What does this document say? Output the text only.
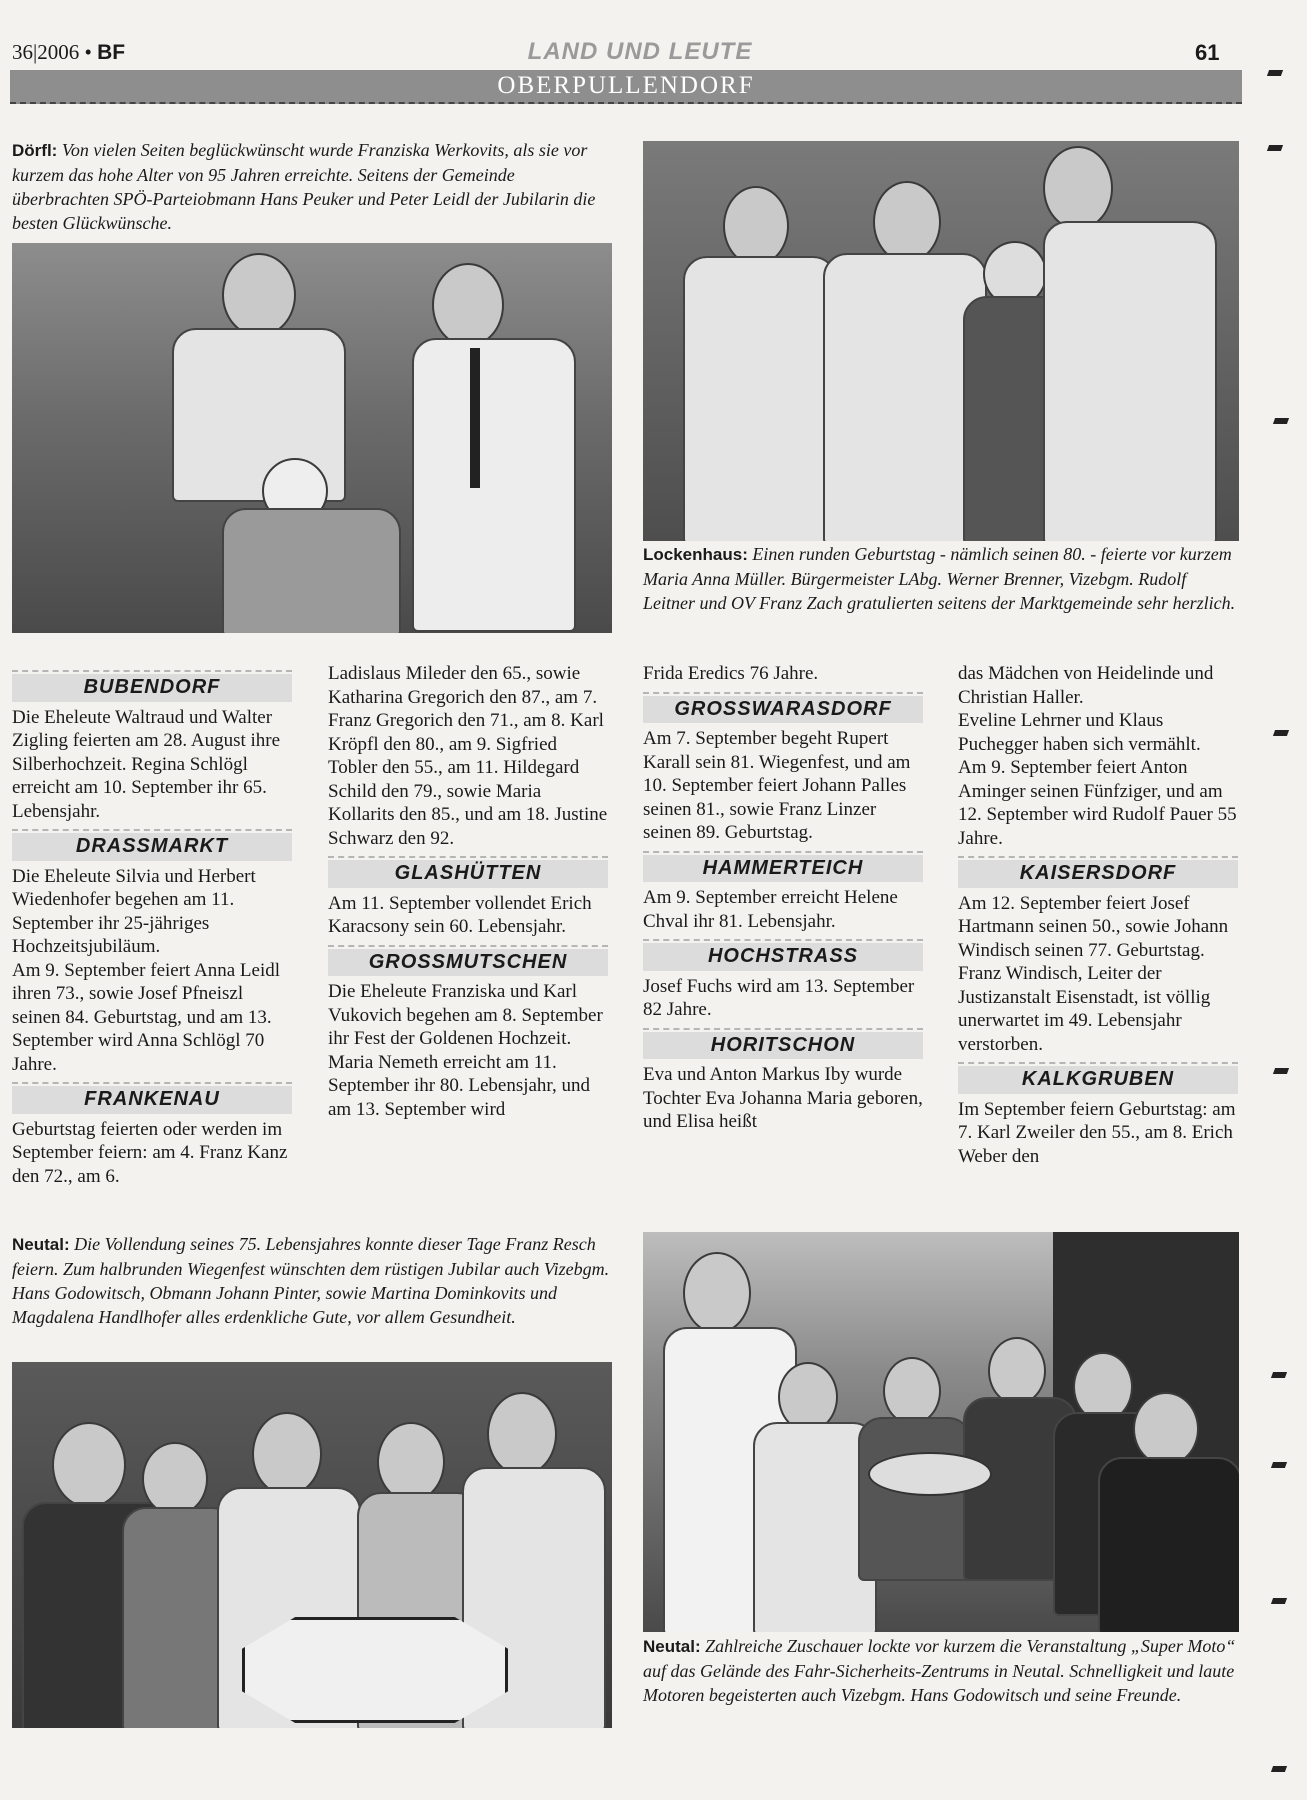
36|2006 • BF	LAND UND LEUTE	61
OBERPULLENDORF
Dörfl: Von vielen Seiten beglückwünscht wurde Franziska Werkovits, als sie vor kurzem das hohe Alter von 95 Jahren erreichte. Seitens der Gemeinde überbrachten SPÖ-Parteiobmann Hans Peuker und Peter Leidl der Jubilarin die besten Glückwünsche.
Lockenhaus: Einen runden Geburtstag - nämlich seinen 80. - feierte vor kurzem Maria Anna Müller. Bürgermeister LAbg. Werner Brenner, Vizebgm. Rudolf Leitner und OV Franz Zach gratulierten seitens der Marktgemeinde sehr herzlich.
BUBENDORF

Die Eheleute Waltraud und Walter Zigling feierten am 28. August ihre Silberhochzeit. Regina Schlögl erreicht am 10. September ihr 65. Lebensjahr.

DRASSMARKT

Die Eheleute Silvia und Herbert Wiedenhofer begehen am 11. September ihr 25-jähriges Hochzeitsjubiläum.

Am 9. September feiert Anna Leidl ihren 73., sowie Josef Pfneiszl seinen 84. Geburtstag, und am 13. September wird Anna Schlögl 70 Jahre.

FRANKENAU

Geburtstag feierten oder werden im September feiern: am 4. Franz Kanz den 72., am 6.

Ladislaus Mileder den 65., sowie Katharina Gregorich den 87., am 7. Franz Gregorich den 71., am 8. Karl Kröpfl den 80., am 9. Sigfried Tobler den 55., am 11. Hildegard Schild den 79., sowie Maria Kollarits den 85., und am 18. Justine Schwarz den 92.

GLASHÜTTEN

Am 11. September vollendet Erich Karacsony sein 60. Lebensjahr.

GROSSMUTSCHEN

Die Eheleute Franziska und Karl Vukovich begehen am 8. September ihr Fest der Goldenen Hochzeit.

Maria Nemeth erreicht am 11. September ihr 80. Lebensjahr, und am 13. September wird

Frida Eredics 76 Jahre.

GROSSWARASDORF

Am 7. September begeht Rupert Karall sein 81. Wiegenfest, und am 10. September feiert Johann Palles seinen 81., sowie Franz Linzer seinen 89. Geburtstag.

HAMMERTEICH

Am 9. September erreicht Helene Chval ihr 81. Lebensjahr.

HOCHSTRASS

Josef Fuchs wird am 13. September 82 Jahre.

HORITSCHON

Eva und Anton Markus Iby wurde Tochter Eva Johanna Maria geboren, und Elisa heißt

das Mädchen von Heidelinde und Christian Haller.

Eveline Lehrner und Klaus Puchegger haben sich vermählt.

Am 9. September feiert Anton Aminger seinen Fünfziger, und am 12. September wird Rudolf Pauer 55 Jahre.

KAISERSDORF

Am 12. September feiert Josef Hartmann seinen 50., sowie Johann Windisch seinen 77. Geburtstag.

Franz Windisch, Leiter der Justizanstalt Eisenstadt, ist völlig unerwartet im 49. Lebensjahr verstorben.

KALKGRUBEN

Im September feiern Geburtstag: am 7. Karl Zweiler den 55., am 8. Erich Weber den

Neutal: Die Vollendung seines 75. Lebensjahres konnte dieser Tage Franz Resch feiern. Zum halbrunden Wiegenfest wünschten dem rüstigen Jubilar auch Vizebgm. Hans Godowitsch, Obmann Johann Pinter, sowie Martina Dominkovits und Magdalena Handlhofer alles erdenkliche Gute, vor allem Gesundheit.
Neutal: Zahlreiche Zuschauer lockte vor kurzem die Veranstaltung „Super Moto“ auf das Gelände des Fahr-Sicherheits-Zentrums in Neutal. Schnelligkeit und laute Motoren begeisterten auch Vizebgm. Hans Godowitsch und seine Freunde.
